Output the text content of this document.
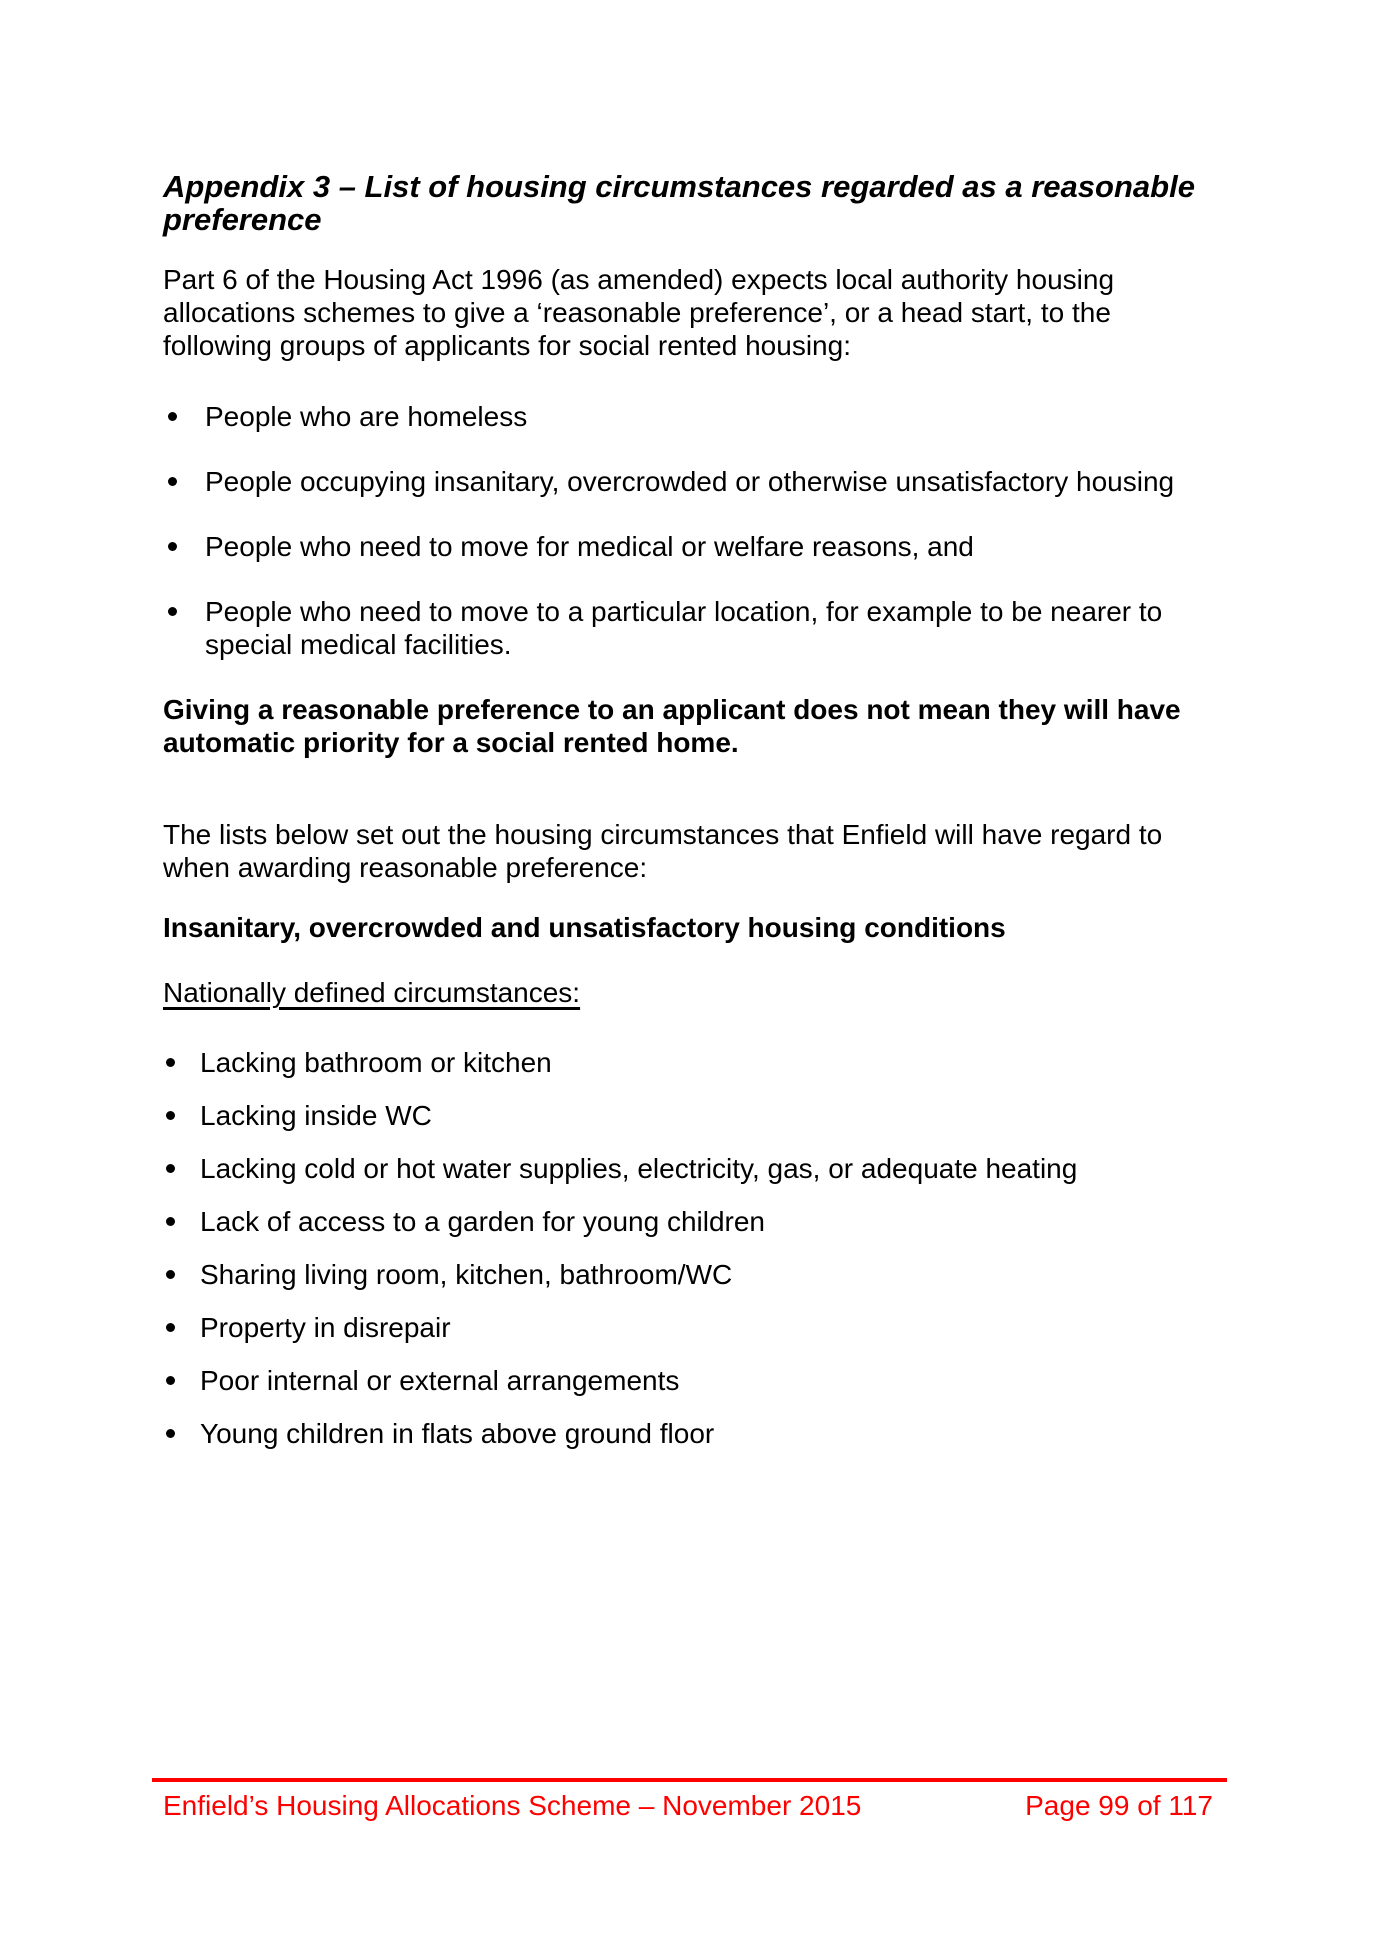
Appendix 3 – List of housing circumstances regarded as a reasonable
preference
Part 6 of the Housing Act 1996 (as amended) expects local authority housing
allocations schemes to give a ‘reasonable preference’, or a head start, to the
following groups of applicants for social rented housing:
People who are homeless
People occupying insanitary, overcrowded or otherwise unsatisfactory housing
People who need to move for medical or welfare reasons, and
People who need to move to a particular location, for example to be nearer to
special medical facilities.
Giving a reasonable preference to an applicant does not mean they will have
automatic priority for a social rented home.
The lists below set out the housing circumstances that Enfield will have regard to
when awarding reasonable preference:
Insanitary, overcrowded and unsatisfactory housing conditions
Nationally defined circumstances:
Lacking bathroom or kitchen
Lacking inside WC
Lacking cold or hot water supplies, electricity, gas, or adequate heating
Lack of access to a garden for young children
Sharing living room, kitchen, bathroom/WC
Property in disrepair
Poor internal or external arrangements
Young children in flats above ground floor
Enfield’s Housing Allocations Scheme – November 2015	Page 99 of 117
